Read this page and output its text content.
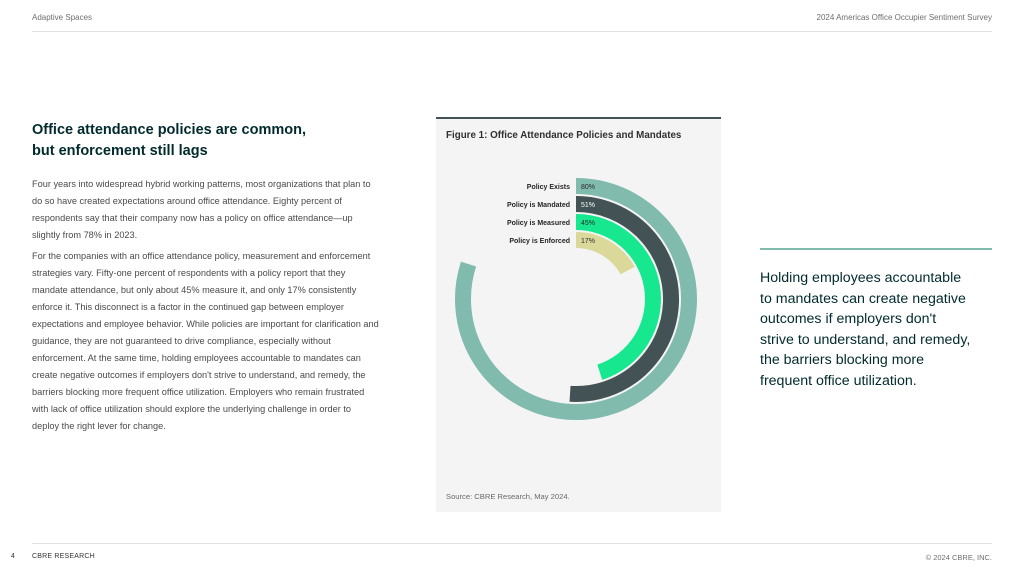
Adaptive Spaces	2024 Americas Office Occupier Sentiment Survey
Office attendance policies are common,
but enforcement still lags

Four years into widespread hybrid working patterns, most organizations that plan to do so have created expectations around office attendance. Eighty percent of respondents say that their company now has a policy on office attendance—up slightly from 78% in 2023.

For the companies with an office attendance policy, measurement and enforcement strategies vary. Fifty-one percent of respondents with a policy report that they mandate attendance, but only about 45% measure it, and only 17% consistently enforce it. This disconnect is a factor in the continued gap between employer expectations and employee behavior. While policies are important for clarification and guidance, they are not guaranteed to drive compliance, especially without enforcement. At the same time, holding employees accountable to mandates can create negative outcomes if employers don't strive to understand, and remedy, the barriers blocking more frequent office utilization. Employers who remain frustrated with lack of office utilization should explore the underlying challenge in order to deploy the right lever for change.

Figure 1: Office Attendance Policies and Mandates
Policy Exists 80%
Policy is Mandated 51%
Policy is Measured 45%
Policy is Enforced 17%
Source: CBRE Research, May 2024.
Holding employees accountable
to mandates can create negative
outcomes if employers don't
strive to understand, and remedy,
the barriers blocking more
frequent office utilization.
4 CBRE RESEARCH	© 2024 CBRE, INC.
